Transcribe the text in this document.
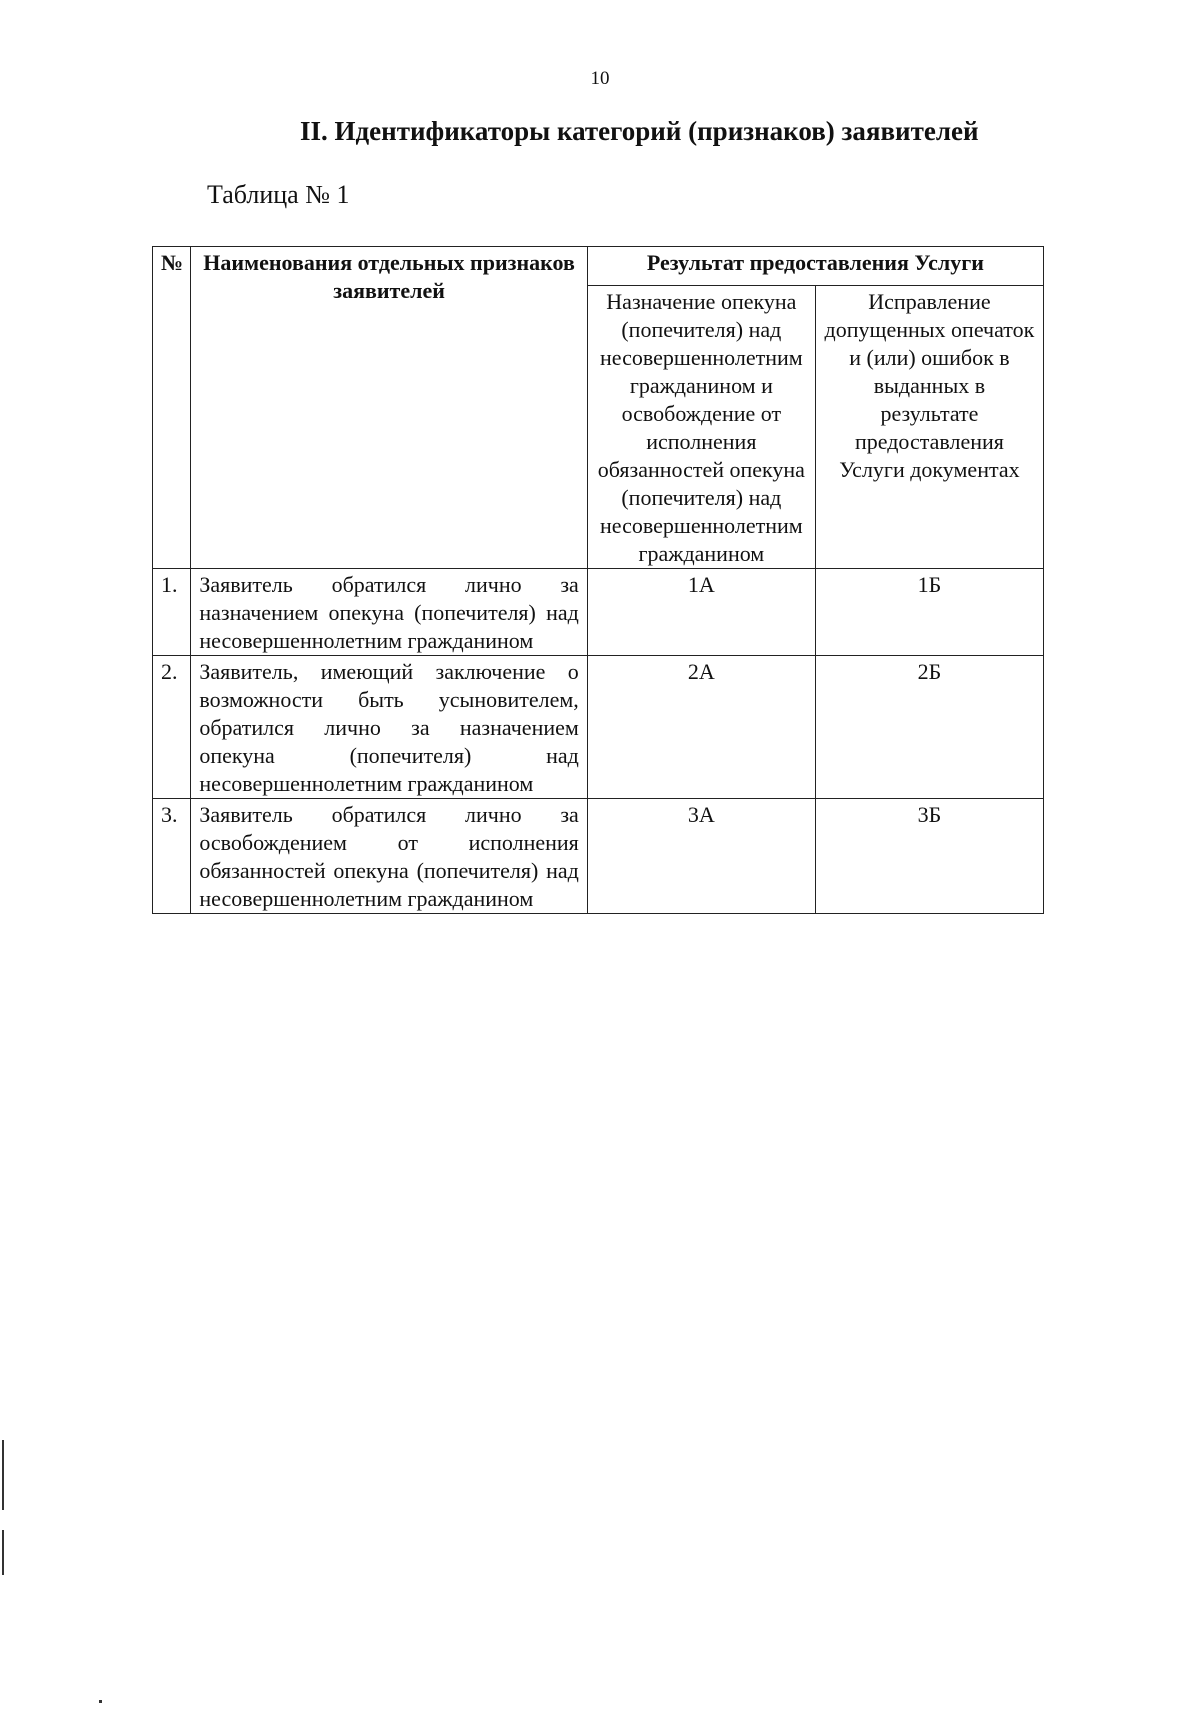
10
II. Идентификаторы категорий (признаков) заявителей
Таблица № 1
№	Наименования отдельных признаков заявителей	Результат предоставления Услуги	
		Назначение опекуна (попечителя) над несовершеннолетним гражданином и освобождение от исполнения обязанностей опекуна (попечителя) над несовершеннолетним гражданином	Исправление допущенных опечаток и (или) ошибок в выданных в результате предоставления Услуги документах
1.	Заявитель обратился лично за назначением опекуна (попечителя) над несовершеннолетним гражданином	1А	1Б
2.	Заявитель, имеющий заключение о возможности быть усыновителем, обратился лично за назначением опекуна (попечителя) над несовершеннолетним гражданином	2А	2Б
3.	Заявитель обратился лично за освобождением от исполнения обязанностей опекуна (попечителя) над несовершеннолетним гражданином	3А	3Б
